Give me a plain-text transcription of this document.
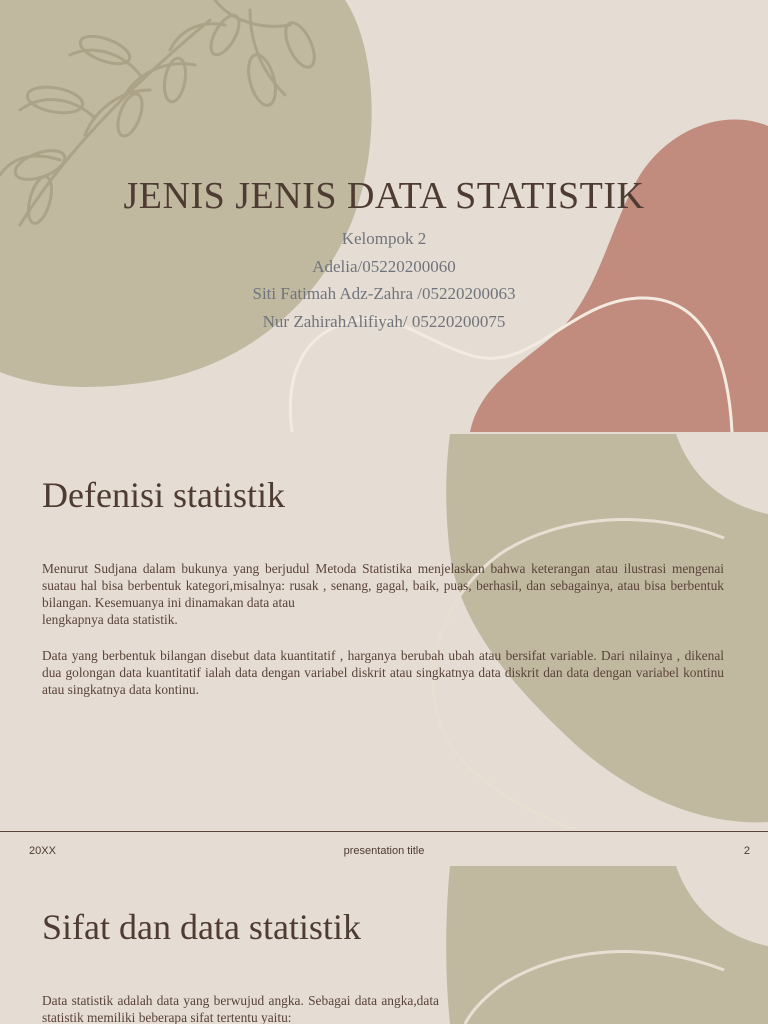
JENIS JENIS DATA STATISTIK

Kelompok 2

Adelia/05220200060

Siti Fatimah Adz-Zahra /05220200063

Nur ZahirahAlifiyah/ 05220200075

Defenisi statistik

Menurut Sudjana dalam bukunya yang berjudul Metoda Statistika menjelaskan bahwa keterangan atau ilustrasi mengenai suatau hal bisa berbentuk kategori,misalnya: rusak , senang, gagal, baik, puas, berhasil, dan sebagainya, atau bisa berbentuk bilangan. Kesemuanya ini dinamakan data atau

lengkapnya data statistik.

Data yang berbentuk bilangan disebut data kuantitatif , harganya berubah ubah atau bersifat variable. Dari nilainya , dikenal dua golongan data kuantitatif ialah data dengan variabel diskrit atau singkatnya data diskrit dan data dengan variabel kontinu atau singkatnya data kontinu.

20XX	presentation title	2
Sifat dan data statistik

Data statistik adalah data yang berwujud angka. Sebagai data angka,data statistik memiliki beberapa sifat tertentu yaitu:
